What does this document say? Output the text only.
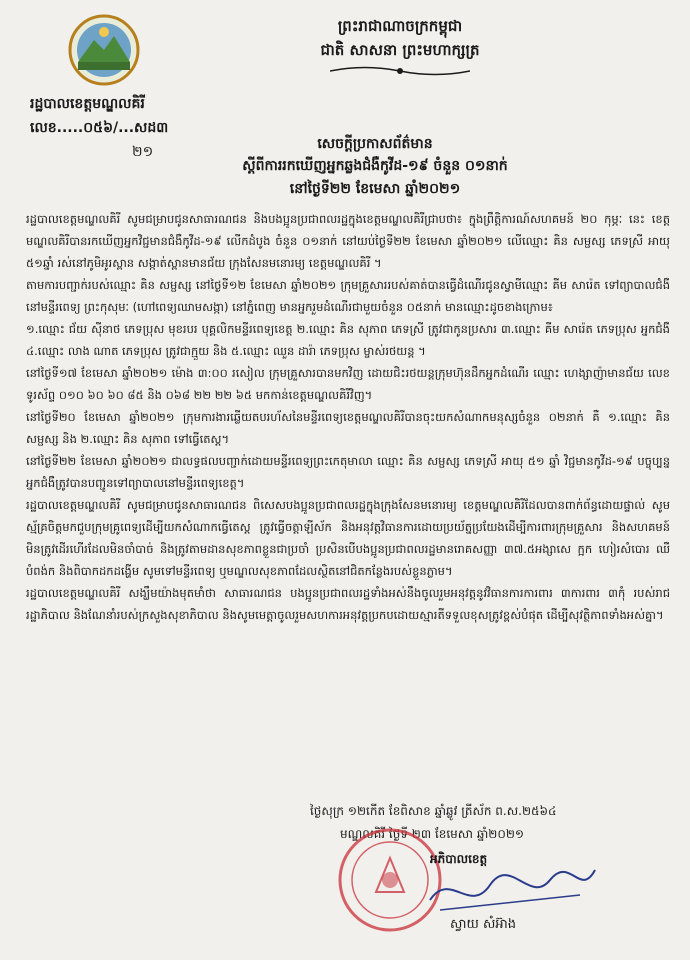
ព្រះរាជាណាចក្រកម្ពុជា
ជាតិ សាសនា ព្រះមហាក្សត្រ
រដ្ឋបាលខេត្តមណ្ឌលគិរី
លេខ.....០៥៦/...សដ៣
២១	សេចក្តីប្រកាសព័ត៌មាន
ស្តីពីការរកឃើញអ្នកឆ្លងជំងឺកូវីដ-១៩ ចំនួន ០១នាក់
នៅថ្ងៃទី២២ ខែមេសា ឆ្នាំ២០២១

រដ្ឋបាលខេត្តមណ្ឌលគិរី សូមជម្រាបជូនសាធារណជន និងបងប្អូនប្រជាពលរដ្ឋក្នុងខេត្តមណ្ឌលគិរីជ្រាបថា៖ ក្នុងព្រឹត្តិការណ៍សហគមន៍ ២០ កុម្ភៈ នេះ ខេត្តមណ្ឌលគិរីបានរកឃើញអ្នកវិជ្ជមានជំងឺកូវីដ-១៩ លើកដំបូង ចំនួន ០១នាក់ នៅយប់ថ្ងៃទី២២ ខែមេសា ឆ្នាំ២០២១ លើឈ្មោះ គិន សម្ផស្ស ភេទស្រី អាយុ ៥១ឆ្នាំ រស់នៅភូមិអូរស្ពាន សង្កាត់ស្ពានមានជ័យ ក្រុងសែនមនោរម្យ ខេត្តមណ្ឌលគិរី ។

តាមការបញ្ជាក់របស់ឈ្មោះ គិន សម្ផស្ស នៅថ្ងៃទី១២ ខែមេសា ឆ្នាំ២០២១ ក្រុមគ្រួសាររបស់គាត់បានធ្វើដំណើរជូនស្វាមីឈ្មោះ គីម សារ៉េត ទៅព្យាបាលជំងឺនៅមន្ទីរពេទ្យ ព្រះកុសុមៈ (ហៅពេទ្យឈាមសង្កា) នៅភ្នំពេញ មានអ្នករួមដំណើរជាមួយចំនួន ០៥នាក់ មានឈ្មោះដូចខាងក្រោម៖

១.ឈ្មោះ ជ័យ ស៊ីនាថ ភេទប្រុស មុខរបរ បុគ្គលិកមន្ទីរពេទ្យខេត្ត ២.ឈ្មោះ គិន សុភាព ភេទស្រី ត្រូវជាកូនប្រសារ ៣.ឈ្មោះ គីម សារ៉េត ភេទប្រុស អ្នកជំងឺ ៤.ឈ្មោះ លាង ណាត ភេទប្រុស ត្រូវជាក្មួយ និង ៥.ឈ្មោះ ឈួន ដារ៉ា ភេទប្រុស ម្ចាស់រថយន្ត ។

នៅថ្ងៃទី១៧ ខែមេសា ឆ្នាំ២០២១ ម៉ោង ៣:០០ រសៀល ក្រុមគ្រួសារបានមកវិញ ដោយជិះរថយន្តក្រុមហ៊ុនដឹកអ្នកដំណើរ ឈ្មោះ ហេង្សាញ៉ាមានជ័យ លេខទូរស័ព្ទ ០១០ ៦០ ៦០ ៨៥ និង ០៦៨ ២២ ២២ ៦៥ មកកាន់ខេត្តមណ្ឌលគិរីវិញ។

នៅថ្ងៃទី២០ ខែមេសា ឆ្នាំ២០២១ ក្រុមការងារឆ្លើយតបរហ័សនៃមន្ទីរពេទ្យខេត្តមណ្ឌលគិរីបានចុះយកសំណាកមនុស្សចំនួន ០២នាក់ គឺ ១.ឈ្មោះ គិន សម្ផស្ស និង ២.ឈ្មោះ គិន សុភាព ទៅធ្វើតេស្ត។

នៅថ្ងៃទី២២ ខែមេសា ឆ្នាំ២០២១ ជាលទ្ធផលបញ្ជាក់ដោយមន្ទីរពេទ្យព្រះកេតុមាលា ឈ្មោះ គិន សម្ផស្ស ភេទស្រី អាយុ ៥១ ឆ្នាំ វិជ្ជមានកូវីដ-១៩ បច្ចុប្បន្ន អ្នកជំងឺត្រូវបានបញ្ជូនទៅព្យាបាលនៅមន្ទីរពេទ្យខេត្ត។

រដ្ឋបាលខេត្តមណ្ឌលគិរី សូមជម្រាបជូនសាធារណជន ពិសេសបងប្អូនប្រជាពលរដ្ឋក្នុងក្រុងសែនមនោរម្យ ខេត្តមណ្ឌលគិរីដែលបានពាក់ព័ន្ធដោយផ្ទាល់ សូមស្ម័គ្រចិត្តមកជួបក្រុមគ្រូពេទ្យដើម្បីយកសំណាកធ្វើតេស្ត ត្រូវធ្វើចត្តាឡីស័ក និងអនុវត្តវិធានការដោយប្រយ័ត្នប្រយែងដើម្បីការពារក្រុមគ្រួសារ និងសហគមន៍ មិនត្រូវដើរហើរដែលមិនចាំបាច់ និងត្រូវតាមដានសុខភាពខ្លួនជាប្រចាំ ប្រសិនបើបងប្អូនប្រជាពលរដ្ឋមានរោគសញ្ញា ៣៧.៥អង្សាសេ ក្អក ហៀរសំបោរ ឈឺបំពង់ក និងពិបាកដកដង្ហើម សូមទៅមន្ទីរពេទ្យ ឬមណ្ឌលសុខភាពដែលស្ថិតនៅជិតកន្លែងរបស់ខ្លួនភ្លាម។

រដ្ឋបាលខេត្តមណ្ឌលគិរី សង្ឃឹមយ៉ាងមុតមាំថា សាធារណជន បងប្អូនប្រជាពលរដ្ឋទាំងអស់នឹងចូលរួមអនុវត្តនូវវិធានការការពារ ៣ការពារ ៣កុំ របស់រាជរដ្ឋាភិបាល និងណែនាំរបស់ក្រសួងសុខាភិបាល និងសូមមេត្តាចូលរួមសហការអនុវត្តប្រកបដោយស្មារតីទទួលខុសត្រូវខ្ពស់បំផុត ដើម្បីសុវត្ថិភាពទាំងអស់គ្នា។

ថ្ងៃសុក្រ ១២កើត ខែពិសាខ ឆ្នាំឆ្លូវ ត្រីស័ក ព.ស.២៥៦៤
មណ្ឌលគិរី ថ្ងៃទី ២៣ ខែមេសា ឆ្នាំ២០២១
អភិបាលខេត្ត
ស្វាយ សំអ៊ាង
